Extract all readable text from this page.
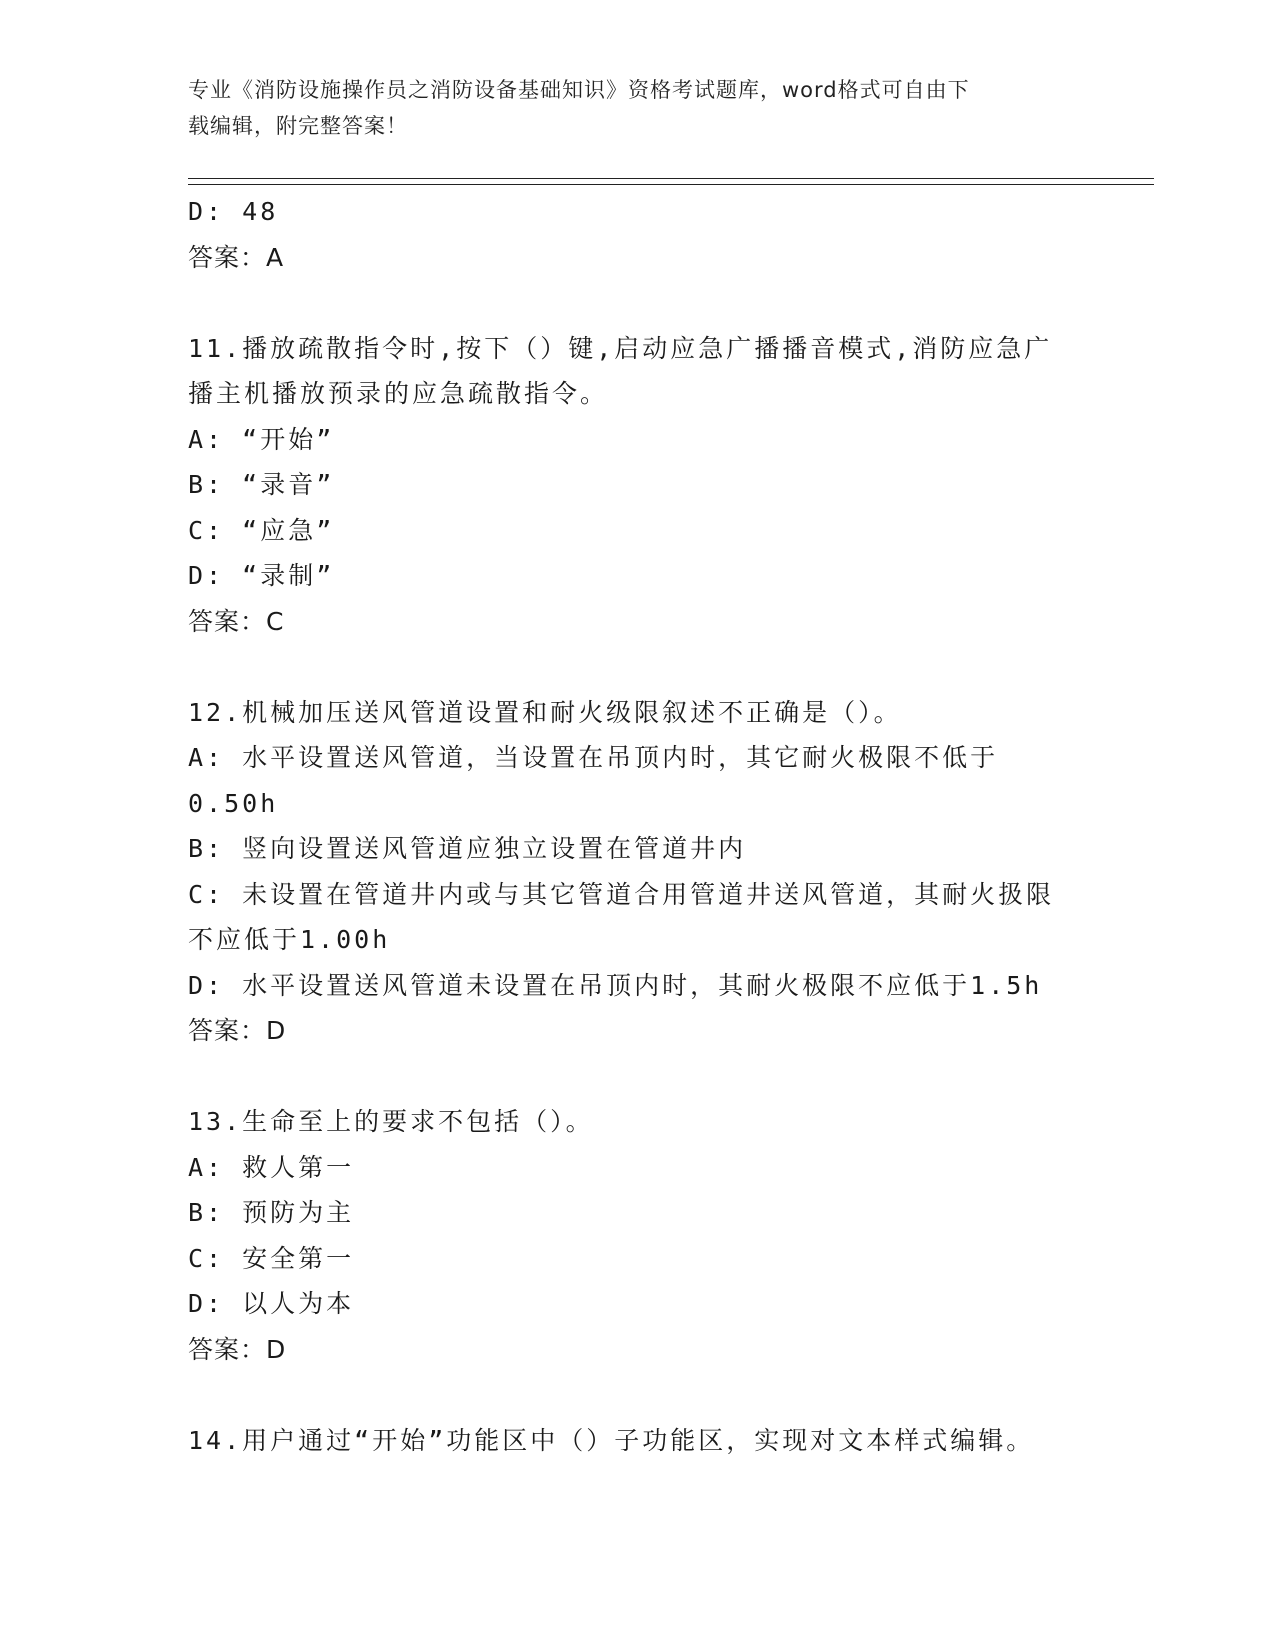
专业《消防设施操作员之消防设备基础知识》资格考试题库，word格式可自由下
载编辑，附完整答案！
D: 48
答案：A
11.播放疏散指令时,按下（）键,启动应急广播播音模式,消防应急广
播主机播放预录的应急疏散指令。
A: “开始”
B: “录音”
C: “应急”
D: “录制”
答案：C
12.机械加压送风管道设置和耐火级限叙述不正确是（）。
A: 水平设置送风管道，当设置在吊顶内时，其它耐火极限不低于
0.50h
B: 竖向设置送风管道应独立设置在管道井内
C: 未设置在管道井内或与其它管道合用管道井送风管道，其耐火扱限
不应低于1.00h
D: 水平设置送风管道未设置在吊顶内时，其耐火极限不应低于1.5h
答案：D
13.生命至上的要求不包括（）。
A: 救人第一
B: 预防为主
C: 安全第一
D: 以人为本
答案：D
14.用户通过“开始”功能区中（）子功能区，实现对文本样式编辑。
